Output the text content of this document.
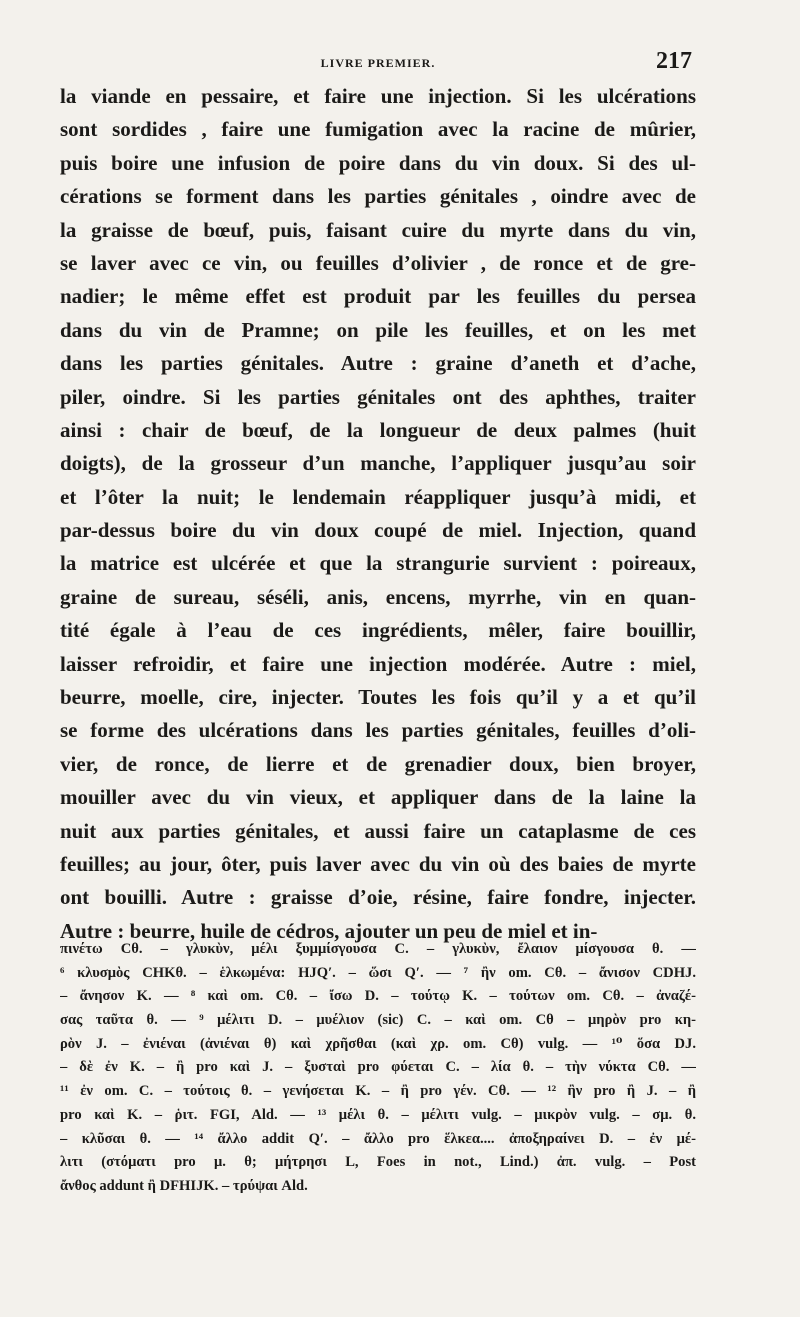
LIVRE PREMIER.	217
la viande en pessaire, et faire une injection. Si les ulcérations
sont sordides , faire une fumigation avec la racine de mûrier,
puis boire une infusion de poire dans du vin doux. Si des ul-
cérations se forment dans les parties génitales , oindre avec de
la graisse de bœuf, puis, faisant cuire du myrte dans du vin,
se laver avec ce vin, ou feuilles d’olivier , de ronce et de gre-
nadier; le même effet est produit par les feuilles du persea
dans du vin de Pramne; on pile les feuilles, et on les met
dans les parties génitales. Autre : graine d’aneth et d’ache,
piler, oindre. Si les parties génitales ont des aphthes, traiter
ainsi : chair de bœuf, de la longueur de deux palmes (huit
doigts), de la grosseur d’un manche, l’appliquer jusqu’au soir
et l’ôter la nuit; le lendemain réappliquer jusqu’à midi, et
par-dessus boire du vin doux coupé de miel. Injection, quand
la matrice est ulcérée et que la strangurie survient : poireaux,
graine de sureau, séséli, anis, encens, myrrhe, vin en quan-
tité égale à l’eau de ces ingrédients, mêler, faire bouillir,
laisser refroidir, et faire une injection modérée. Autre : miel,
beurre, moelle, cire, injecter. Toutes les fois qu’il y a et qu’il
se forme des ulcérations dans les parties génitales, feuilles d’oli-
vier, de ronce, de lierre et de grenadier doux, bien broyer,
mouiller avec du vin vieux, et appliquer dans de la laine la
nuit aux parties génitales, et aussi faire un cataplasme de ces
feuilles; au jour, ôter, puis laver avec du vin où des baies de myrte
ont bouilli. Autre : graisse d’oie, résine, faire fondre, injecter.
Autre : beurre, huile de cédros, ajouter un peu de miel et in-
πινέτω Cθ. – γλυκὺν, μέλι ξυμμίσγουσα C. – γλυκὺν, ἔλαιον μίσγουσα θ. —
⁶ κλυσμὸς CHKθ. – ἑλκωμένα: HJQ′. – ὥσι Q′. — ⁷ ἢν om. Cθ. – ἄνισον CDHJ.
– ἄνησον K. — ⁸ καὶ om. Cθ. – ἴσω D. – τούτῳ K. – τούτων om. Cθ. – ἀναζέ-
σας ταῦτα θ. — ⁹ μέλιτι D. – μυέλιον (sic) C. – καὶ om. Cθ – μηρὸν pro κη-
ρὸν J. – ἐνιέναι (ἀνιέναι θ) καὶ χρῆσθαι (καὶ χρ. om. Cθ) vulg. — ¹⁰ ὅσα DJ.
– δὲ ἐν K. – ἢ pro καὶ J. – ξυσταὶ pro φύεται C. – λία θ. – τὴν νύκτα Cθ. —
¹¹ ἐν om. C. – τούτοις θ. – γενήσεται K. – ἢ pro γέν. Cθ. — ¹² ἢν pro ἢ J. – ἢ
pro καὶ K. – ῥιτ. FGI, Ald. — ¹³ μέλι θ. – μέλιτι vulg. – μικρὸν vulg. – σμ. θ.
– κλῦσαι θ. — ¹⁴ ἄλλο addit Q′. – ἄλλο pro ἕλκεα.... ἀποξηραίνει D. – ἐν μέ-
λιτι (στόματι pro μ. θ; μήτρησι L, Foes in not., Lind.) ἀπ. vulg. – Post
ἄνθος addunt ἢ DFHIJK. – τρύψαι Ald.
